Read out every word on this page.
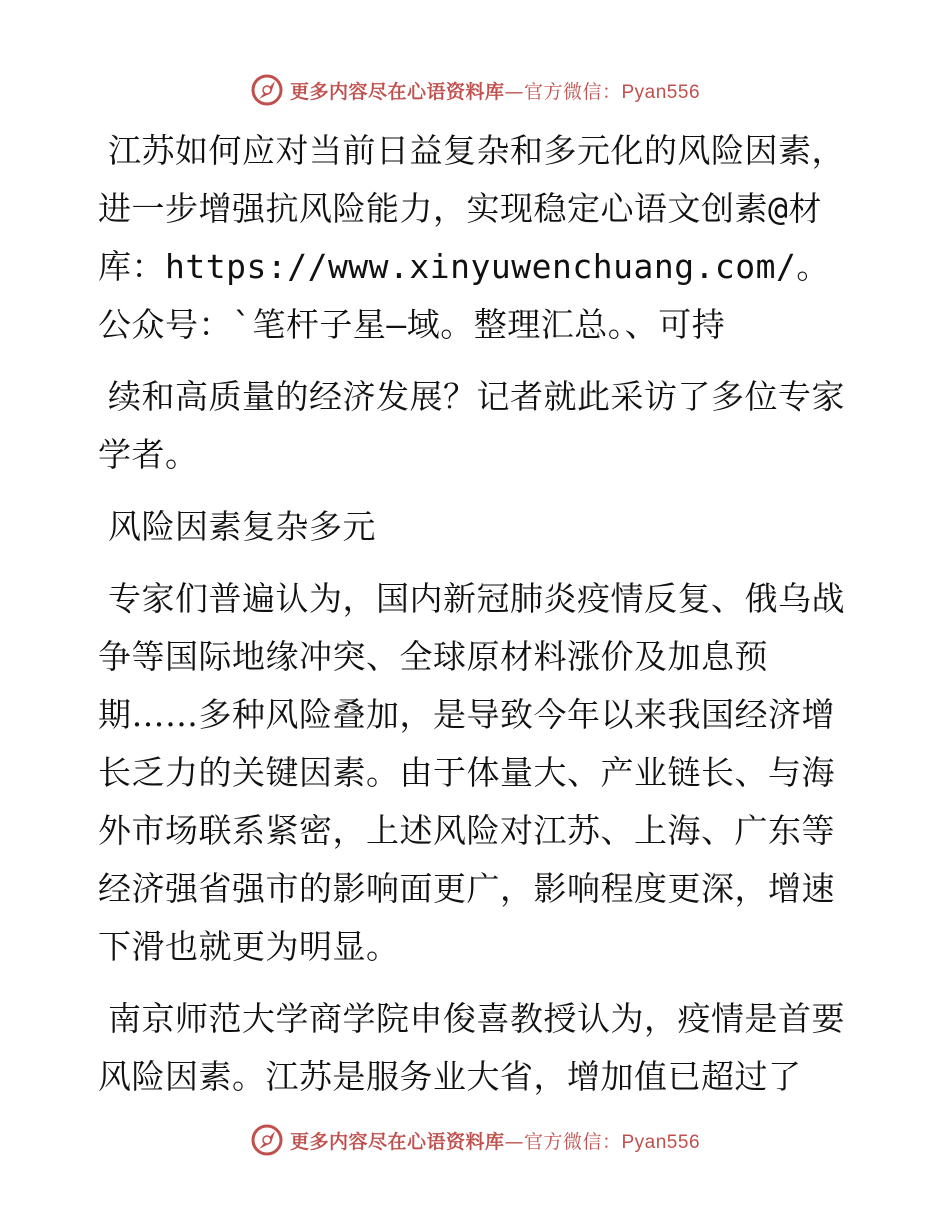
更多内容尽在心语资料库—官方微信：Pyan556

江苏如何应对当前日益复杂和多元化的风险因素，进一步增强抗风险能力，实现稳定心语文创素@材库：https://www.xinyuwenchuang.com/。公众号：`笔杆子星—域。整理汇总。、可持

续和高质量的经济发展？记者就此采访了多位专家学者。

风险因素复杂多元

专家们普遍认为，国内新冠肺炎疫情反复、俄乌战争等国际地缘冲突、全球原材料涨价及加息预期……多种风险叠加，是导致今年以来我国经济增长乏力的关键因素。由于体量大、产业链长、与海外市场联系紧密，上述风险对江苏、上海、广东等经济强省强市的影响面更广，影响程度更深，增速下滑也就更为明显。

南京师范大学商学院申俊喜教授认为，疫情是首要风险因素。江苏是服务业大省，增加值已超过了

更多内容尽在心语资料库—官方微信：Pyan556
